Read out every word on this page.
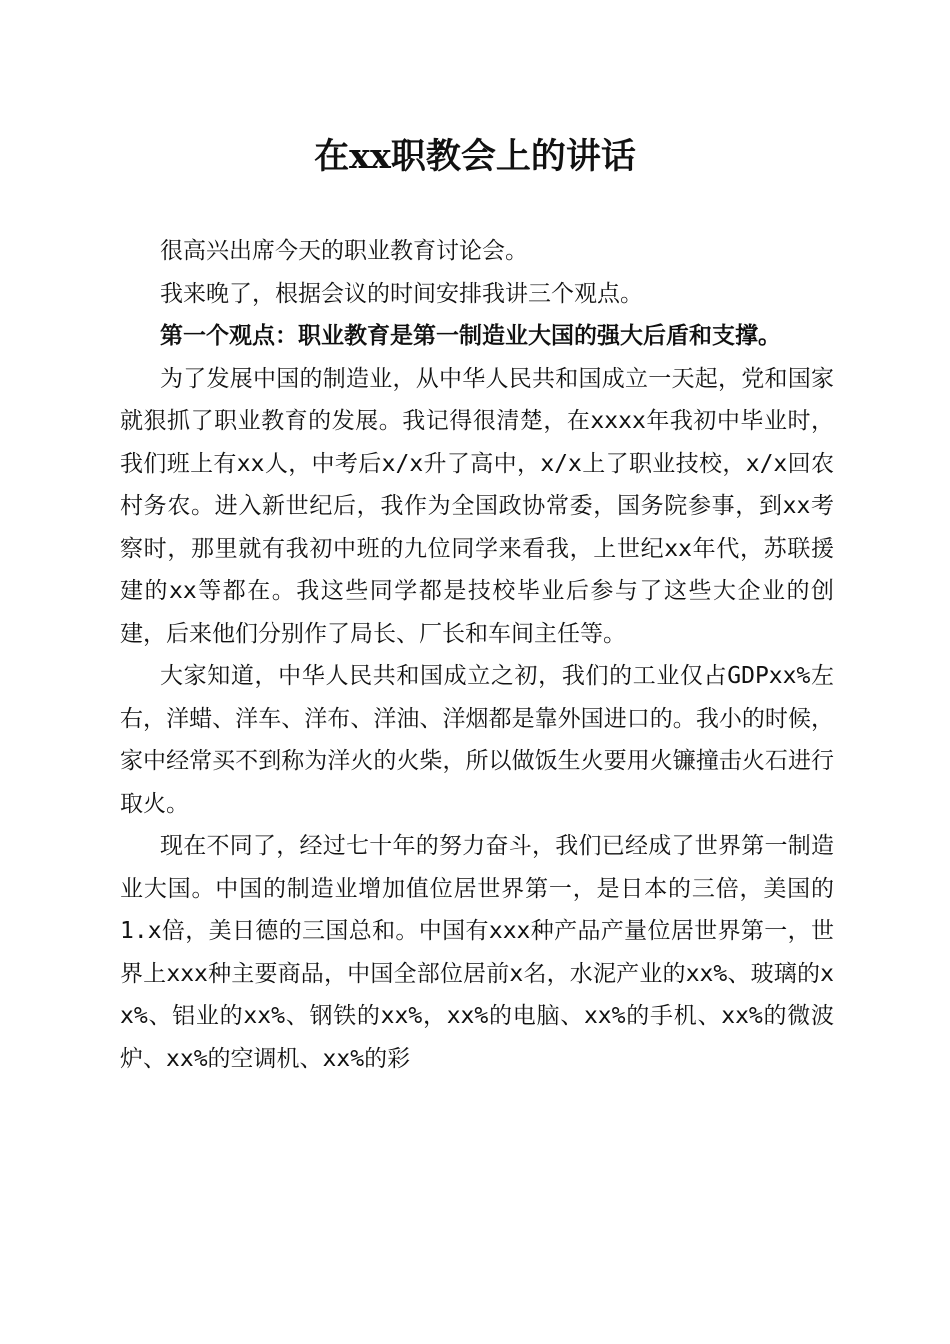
在xx职教会上的讲话

很高兴出席今天的职业教育讨论会。

我来晚了，根据会议的时间安排我讲三个观点。

第一个观点：职业教育是第一制造业大国的强大后盾和支撑。

为了发展中国的制造业，从中华人民共和国成立一天起，党和国家就狠抓了职业教育的发展。我记得很清楚，在xxxx年我初中毕业时，我们班上有xx人，中考后x/x升了高中，x/x上了职业技校，x/x回农村务农。进入新世纪后，我作为全国政协常委，国务院参事，到xx考察时，那里就有我初中班的九位同学来看我，上世纪xx年代，苏联援建的xx等都在。我这些同学都是技校毕业后参与了这些大企业的创建，后来他们分别作了局长、厂长和车间主任等。

大家知道，中华人民共和国成立之初，我们的工业仅占GDPxx%左右，洋蜡、洋车、洋布、洋油、洋烟都是靠外国进口的。我小的时候，家中经常买不到称为洋火的火柴，所以做饭生火要用火镰撞击火石进行取火。

现在不同了，经过七十年的努力奋斗，我们已经成了世界第一制造业大国。中国的制造业增加值位居世界第一，是日本的三倍，美国的1.x倍，美日德的三国总和。中国有xxx种产品产量位居世界第一，世界上xxx种主要商品，中国全部位居前x名，水泥产业的xx%、玻璃的xx%、铝业的xx%、钢铁的xx%，xx%的电脑、xx%的手机、xx%的微波炉、xx%的空调机、xx%的彩
